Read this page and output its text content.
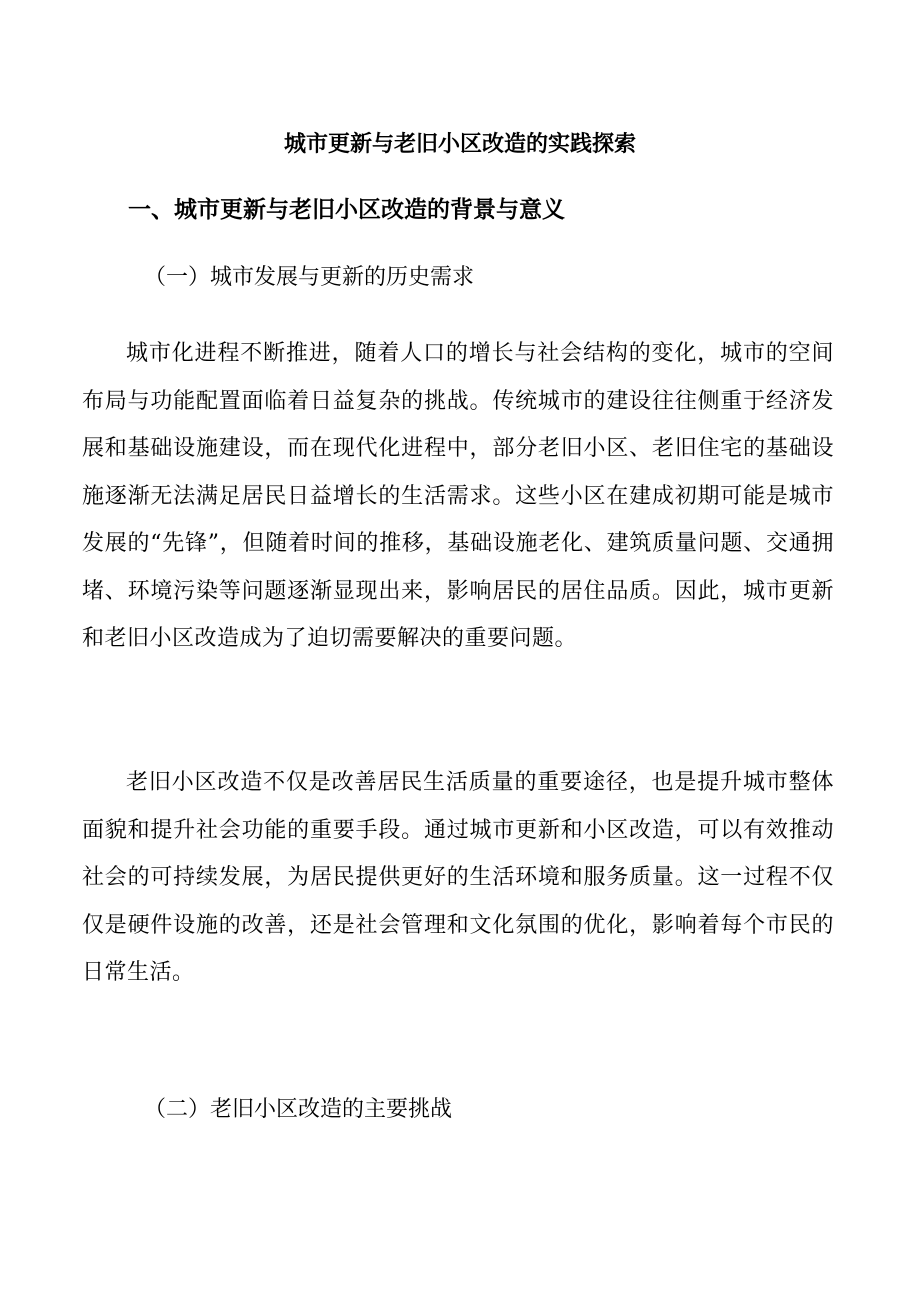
城市更新与老旧小区改造的实践探索
一、城市更新与老旧小区改造的背景与意义
（一）城市发展与更新的历史需求

城市化进程不断推进，随着人口的增长与社会结构的变化，城市的空间布局与功能配置面临着日益复杂的挑战。传统城市的建设往往侧重于经济发展和基础设施建设，而在现代化进程中，部分老旧小区、老旧住宅的基础设施逐渐无法满足居民日益增长的生活需求。这些小区在建成初期可能是城市发展的“先锋”，但随着时间的推移，基础设施老化、建筑质量问题、交通拥堵、环境污染等问题逐渐显现出来，影响居民的居住品质。因此，城市更新和老旧小区改造成为了迫切需要解决的重要问题。

老旧小区改造不仅是改善居民生活质量的重要途径，也是提升城市整体面貌和提升社会功能的重要手段。通过城市更新和小区改造，可以有效推动社会的可持续发展，为居民提供更好的生活环境和服务质量。这一过程不仅仅是硬件设施的改善，还是社会管理和文化氛围的优化，影响着每个市民的日常生活。

（二）老旧小区改造的主要挑战
